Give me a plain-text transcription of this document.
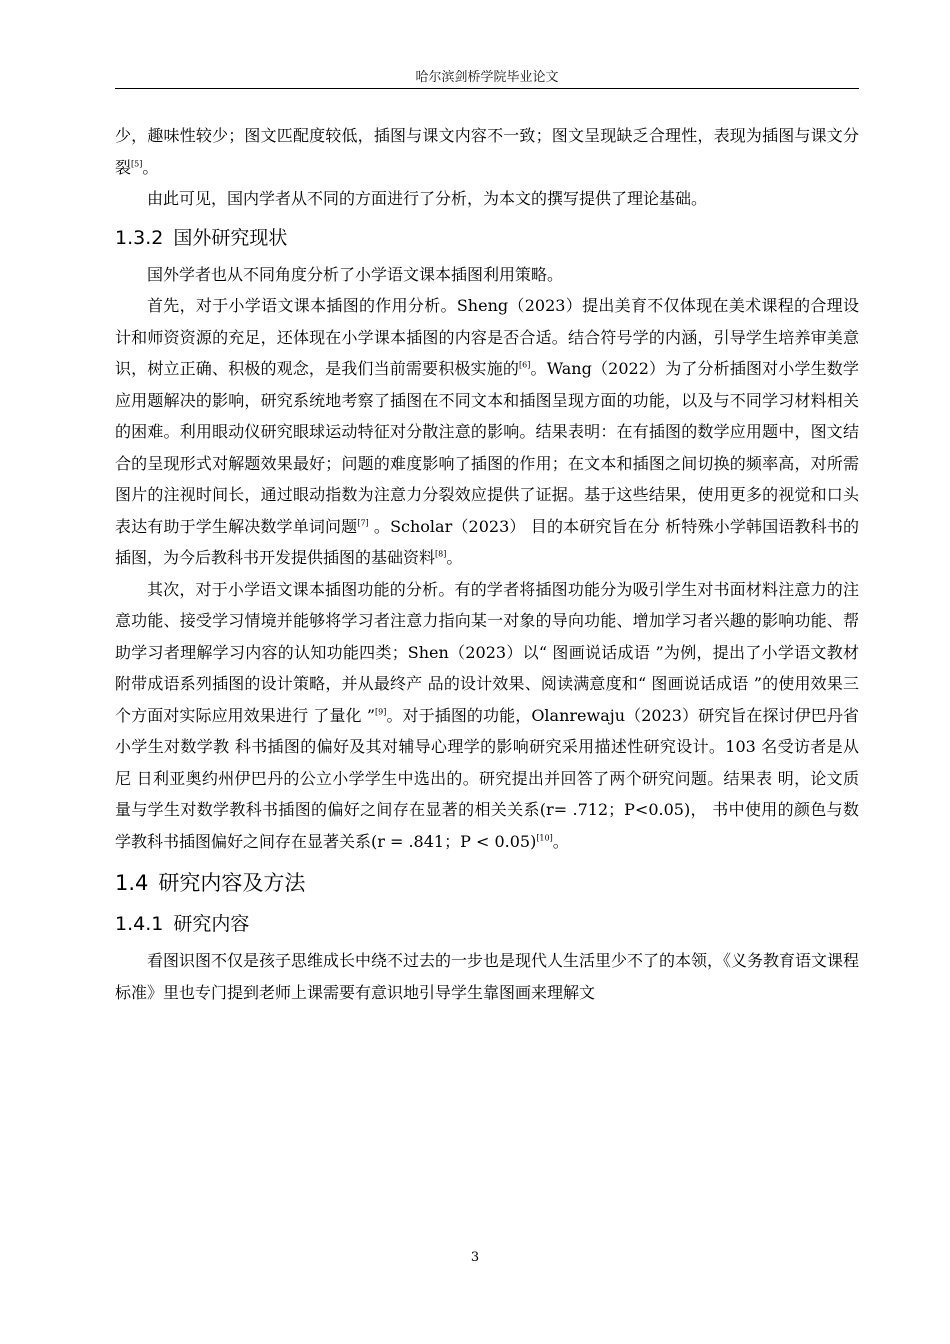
哈尔滨剑桥学院毕业论文

少，趣味性较少；图文匹配度较低，插图与课文内容不一致；图文呈现缺乏合理性，表现为插图与课文分裂[5]。

由此可见，国内学者从不同的方面进行了分析，为本文的撰写提供了理论基础。

1.3.2 国外研究现状

国外学者也从不同角度分析了小学语文课本插图利用策略。

首先，对于小学语文课本插图的作用分析。Sheng（2023）提出美育不仅体现在美术课程的合理设计和师资资源的充足，还体现在小学课本插图的内容是否合适。结合符号学的内涵，引导学生培养审美意识，树立正确、积极的观念，是我们当前需要积极实施的[6]。Wang（2022）为了分析插图对小学生数学应用题解决的影响，研究系统地考察了插图在不同文本和插图呈现方面的功能，以及与不同学习材料相关的困难。利用眼动仪研究眼球运动特征对分散注意的影响。结果表明：在有插图的数学应用题中，图文结合的呈现形式对解题效果最好；问题的难度影响了插图的作用；在文本和插图之间切换的频率高，对所需图片的注视时间长，通过眼动指数为注意力分裂效应提供了证据。基于这些结果，使用更多的视觉和口头表达有助于学生解决数学单词问题[7] 。Scholar（2023） 目的本研究旨在分 析特殊小学韩国语教科书的插图，为今后教科书开发提供插图的基础资料[8]。

其次，对于小学语文课本插图功能的分析。有的学者将插图功能分为吸引学生对书面材料注意力的注意功能、接受学习情境并能够将学习者注意力指向某一对象的导向功能、增加学习者兴趣的影响功能、帮助学习者理解学习内容的认知功能四类；Shen（2023）以“ 图画说话成语 ”为例，提出了小学语文教材附带成语系列插图的设计策略，并从最终产 品的设计效果、阅读满意度和“ 图画说话成语 ”的使用效果三个方面对实际应用效果进行 了量化 ”[9]。对于插图的功能，Olanrewaju（2023）研究旨在探讨伊巴丹省小学生对数学教 科书插图的偏好及其对辅导心理学的影响研究采用描述性研究设计。103 名受访者是从尼 日利亚奥约州伊巴丹的公立小学学生中选出的。研究提出并回答了两个研究问题。结果表 明，论文质量与学生对数学教科书插图的偏好之间存在显著的相关关系(r= .712；P<0.05)， 书中使用的颜色与数学教科书插图偏好之间存在显著关系(r = .841；P < 0.05)[10]。

1.4 研究内容及方法
1.4.1 研究内容

看图识图不仅是孩子思维成长中绕不过去的一步也是现代人生活里少不了的本领，《义务教育语文课程标准》里也专门提到老师上课需要有意识地引导学生靠图画来理解文

3
